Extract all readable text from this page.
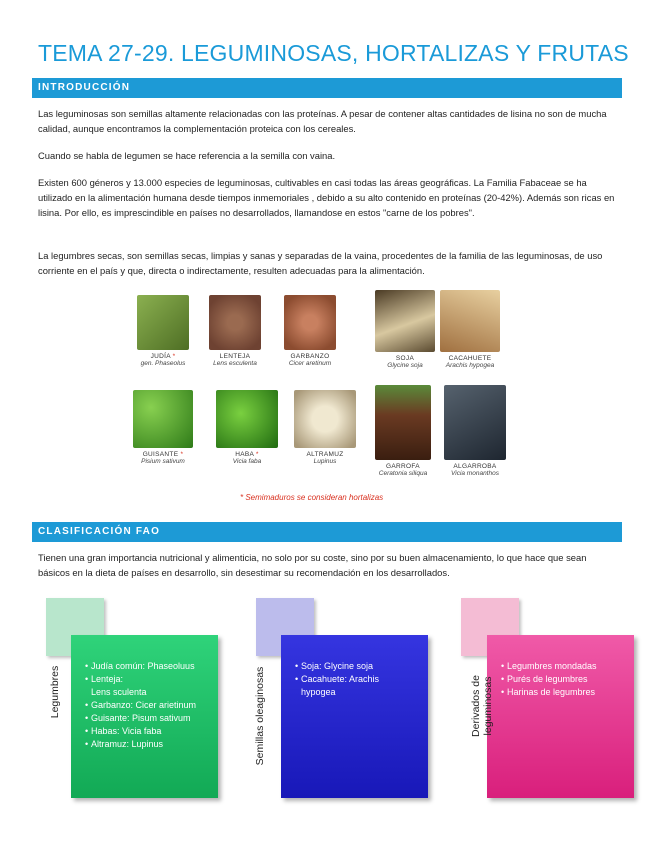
TEMA 27-29. LEGUMINOSAS, HORTALIZAS Y FRUTAS
INTRODUCCIÓN

Las leguminosas son semillas altamente relacionadas con las proteínas. A pesar de contener altas cantidades de lisina no son de mucha calidad, aunque encontramos la complementación proteica con los cereales.

Cuando se habla de legumen se hace referencia a la semilla con vaina.

Existen 600 géneros y 13.000 especies de leguminosas, cultivables en casi todas las áreas geográficas. La Familia Fabaceae se ha utilizado en la alimentación humana desde tiempos inmemoriales , debido a su alto contenido en proteínas (20-42%). Además son ricas en lisina. Por ello, es imprescindible en países no desarrollados, llamandose en estos "carne de los pobres".

La legumbres secas, son semillas secas, limpias y sanas y separadas de la vaina, procedentes de la familia de las leguminosas, de uso corriente en el país y que, directa o indirectamente, resulten adecuadas para la alimentación.

JUDÍA *
gen. Phaseolus
LENTEJA
Lens esculenta
GARBANZO
Cicer aretinum
SOJA
Glycine soja
CACAHUETE
Arachis hypogea
GUISANTE *
Pisium sativum
HABA *
Vicia faba
ALTRAMUZ
Lupinus
GARROFA
Ceratonia siliqua
ALGARROBA
Vicia monanthos
* Semimaduros se consideran hortalizas
CLASIFICACIÓN FAO

Tienen una gran importancia nutricional y alimenticia, no solo por su coste, sino por su buen almacenamiento, lo que hace que sean básicos en la dieta de países en desarrollo, sin desestimar su recomendación en los desarrollados.

• Judía común: Phaseoluus
• Lenteja:
Lens sculenta
• Garbanzo: Cicer arietinum
• Guisante: Pisum sativum
• Habas: Vicia faba
• Altramuz: Lupinus
Legumbres
•	Soja: Glycine soja
• Cacahuete: Arachis hypogea
Semillas oleaginosas
• Legumbres mondadas
• Purés de legumbres
• Harinas de legumbres
Derivados de leguminosas
